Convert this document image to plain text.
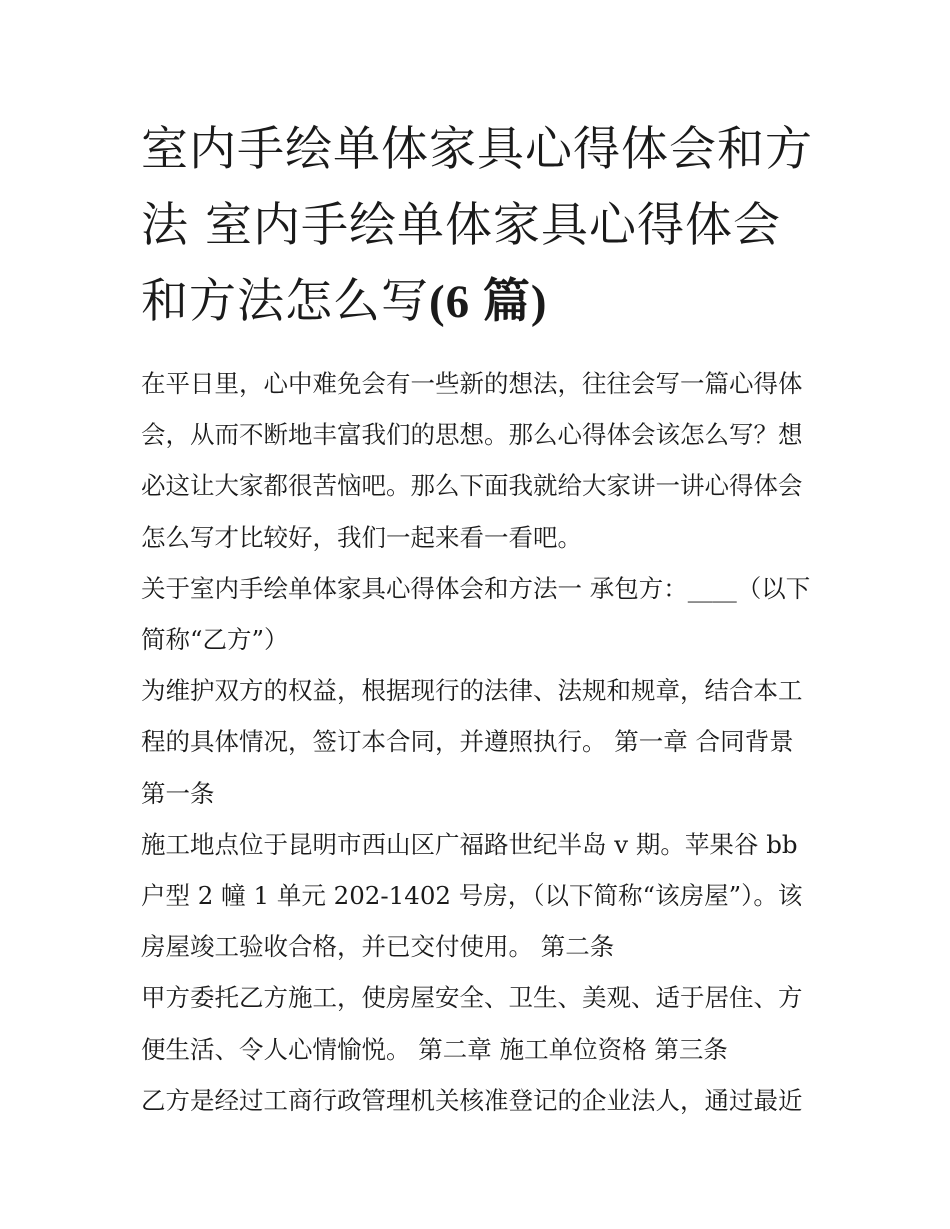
室内手绘单体家具心得体会和方法 室内手绘单体家具心得体会和方法怎么写(6 篇)

在平日里，心中难免会有一些新的想法，往往会写一篇心得体会，从而不断地丰富我们的思想。那么心得体会该怎么写？想必这让大家都很苦恼吧。那么下面我就给大家讲一讲心得体会怎么写才比较好，我们一起来看一看吧。

关于室内手绘单体家具心得体会和方法一 承包方：____（以下简称“乙方”）

为维护双方的权益，根据现行的法律、法规和规章，结合本工程的具体情况，签订本合同，并遵照执行。 第一章 合同背景 第一条

施工地点位于昆明市西山区广福路世纪半岛 v 期。苹果谷 bb 户型 2 幢 1 单元 202-1402 号房，（以下简称“该房屋”）。该房屋竣工验收合格，并已交付使用。 第二条

甲方委托乙方施工，使房屋安全、卫生、美观、适于居住、方便生活、令人心情愉悦。 第二章 施工单位资格 第三条

乙方是经过工商行政管理机关核准登记的企业法人，通过最近
